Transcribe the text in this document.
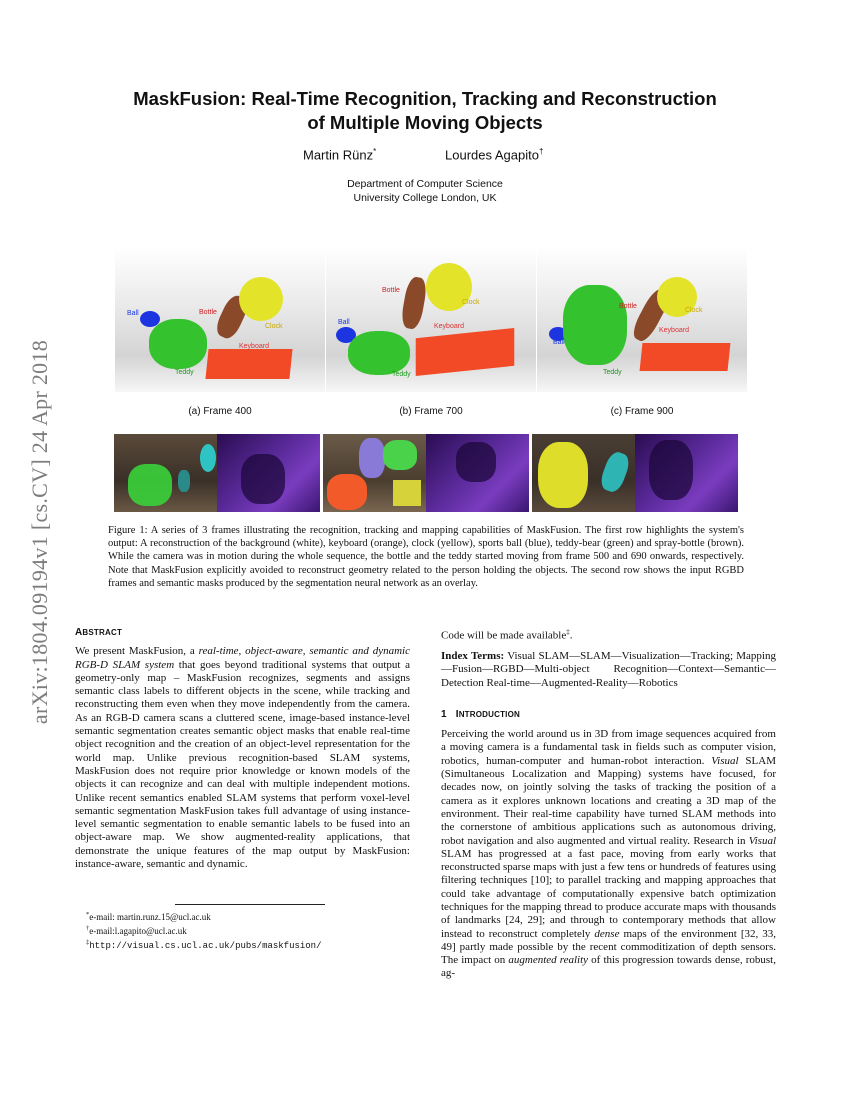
arXiv:1804.09194v1 [cs.CV] 24 Apr 2018
MaskFusion: Real-Time Recognition, Tracking and Reconstruction
of Multiple Moving Objects
Martin Rünz*	Lourdes Agapito†
Department of Computer Science
University College London, UK
Ball	Bottle
Clock
Keyboard
Teddy
(a) Frame 400
Ball
Bottle
Clock
Keyboard
Teddy
(b) Frame 700
Ball
Bottle
Clock
Keyboard
Teddy
(c) Frame 900
Figure 1: A series of 3 frames illustrating the recognition, tracking and mapping capabilities of MaskFusion. The first row highlights the system's output: A reconstruction of the background (white), keyboard (orange), clock (yellow), sports ball (blue), teddy-bear (green) and spray-bottle (brown). While the camera was in motion during the whole sequence, the bottle and the teddy started moving from frame 500 and 690 onwards, respectively. Note that MaskFusion explicitly avoided to reconstruct geometry related to the person holding the objects. The second row shows the input RGBD frames and semantic masks produced by the segmentation neural network as an overlay.
ABSTRACT

We present MaskFusion, a real-time, object-aware, semantic and dynamic RGB-D SLAM system that goes beyond traditional systems that output a geometry-only map – MaskFusion recognizes, segments and assigns semantic class labels to different objects in the scene, while tracking and reconstructing them even when they move independently from the camera. As an RGB-D camera scans a cluttered scene, image-based instance-level semantic segmentation creates semantic object masks that enable real-time object recognition and the creation of an object-level representation for the world map. Unlike previous recognition-based SLAM systems, MaskFusion does not require prior knowledge or known models of the objects it can recognize and can deal with multiple independent motions. Unlike recent semantics enabled SLAM systems that perform voxel-level semantic segmentation MaskFusion takes full advantage of using instance-level semantic segmentation to enable semantic labels to be fused into an object-aware map. We show augmented-reality applications, that demonstrate the unique features of the map output by MaskFusion: instance-aware, semantic and dynamic.

*e-mail: martin.runz.15@ucl.ac.uk
†e-mail:l.agapito@ucl.ac.uk
‡http://visual.cs.ucl.ac.uk/pubs/maskfusion/

Code will be made available‡.

Index Terms: Visual SLAM—SLAM—Visualization—Tracking; Mapping—Fusion—RGBD—Multi-object Recognition—Context—Semantic—Detection Real-time—Augmented-Reality—Robotics

1 INTRODUCTION

Perceiving the world around us in 3D from image sequences acquired from a moving camera is a fundamental task in fields such as computer vision, robotics, human-computer and human-robot interaction. Visual SLAM (Simultaneous Localization and Mapping) systems have focused, for decades now, on jointly solving the tasks of tracking the position of a camera as it explores unknown locations and creating a 3D map of the environment. Their real-time capability have turned SLAM methods into the cornerstone of ambitious applications such as autonomous driving, robot navigation and also augmented and virtual reality. Research in Visual SLAM has progressed at a fast pace, moving from early works that reconstructed sparse maps with just a few tens or hundreds of features using filtering techniques [10]; to parallel tracking and mapping approaches that could take advantage of computationally expensive batch optimization techniques for the mapping thread to produce accurate maps with thousands of landmarks [24, 29]; and through to contemporary methods that allow instead to reconstruct completely dense maps of the environment [32, 33, 49] partly made possible by the recent commoditization of depth sensors. The impact on augmented reality of this progression towards dense, robust, ag-
